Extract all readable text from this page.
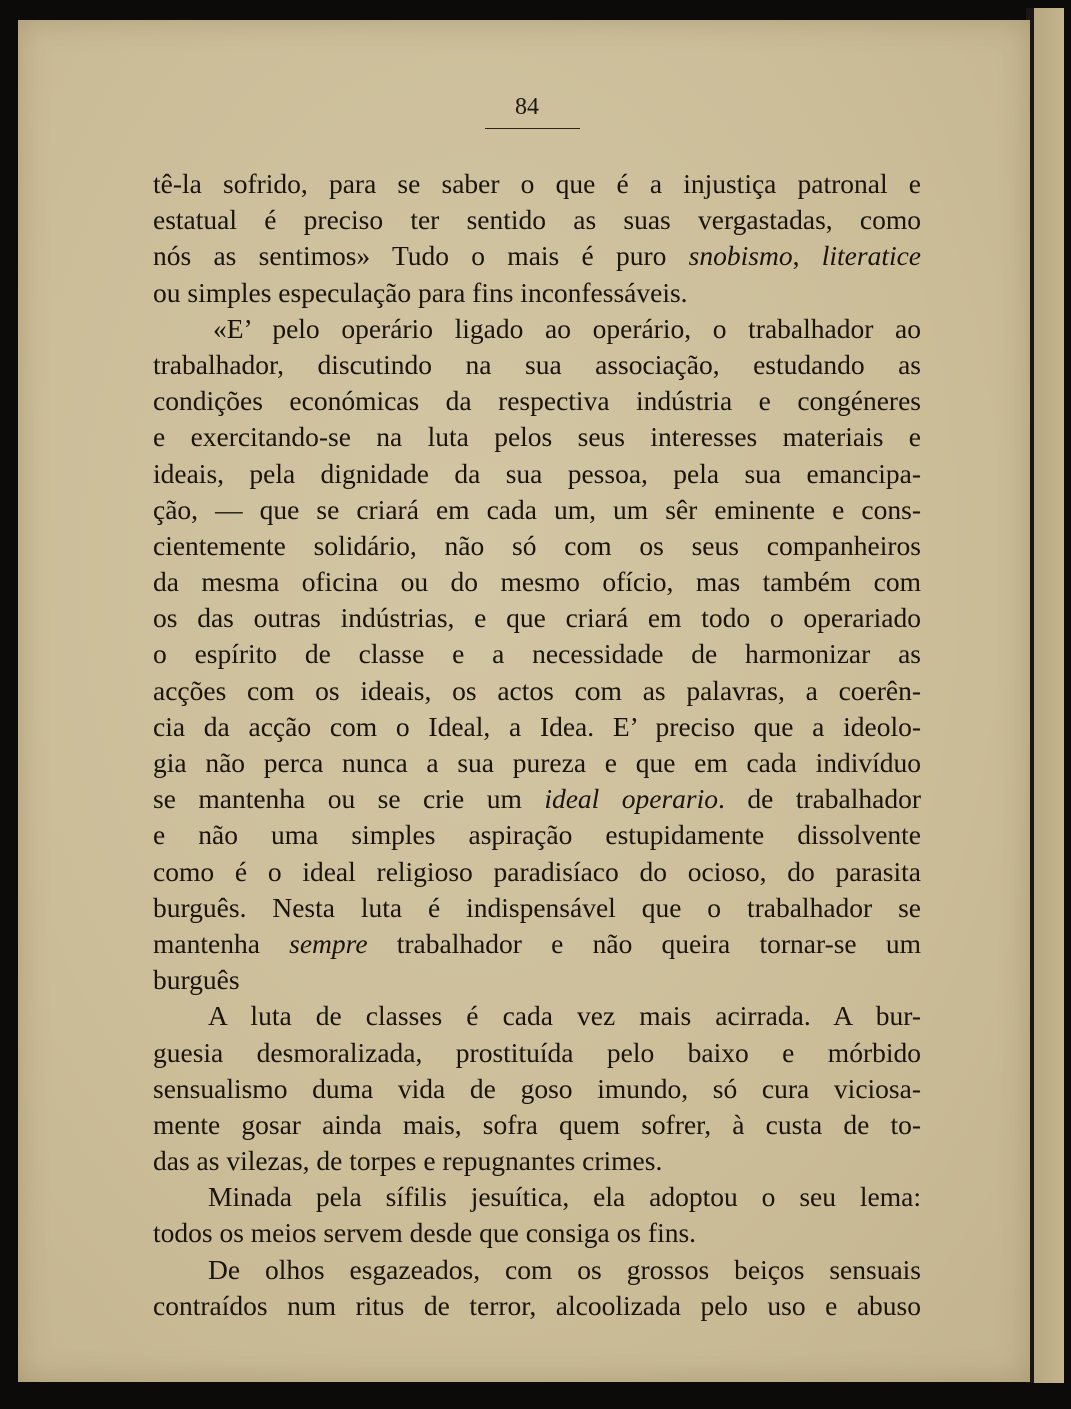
84
tê-la sofrido, para se saber o que é a injustiça patronal e
estatual é preciso ter sentido as suas vergastadas, como
nós as sentimos» Tudo o mais é puro snobismo, literatice
ou simples especulação para fins inconfessáveis.
«E’ pelo operário ligado ao operário, o trabalhador ao
trabalhador, discutindo na sua associação, estudando as
condições económicas da respectiva indústria e congéneres
e exercitando-se na luta pelos seus interesses materiais e
ideais, pela dignidade da sua pessoa, pela sua emancipa-
ção, — que se criará em cada um, um sêr eminente e cons-
cientemente solidário, não só com os seus companheiros
da mesma oficina ou do mesmo ofício, mas também com
os das outras indústrias, e que criará em todo o operariado
o espírito de classe e a necessidade de harmonizar as
acções com os ideais, os actos com as palavras, a coerên-
cia da acção com o Ideal, a Idea. E’ preciso que a ideolo-
gia não perca nunca a sua pureza e que em cada indivíduo
se mantenha ou se crie um ideal operario. de trabalhador
e não uma simples aspiração estupidamente dissolvente
como é o ideal religioso paradisíaco do ocioso, do parasita
burguês. Nesta luta é indispensável que o trabalhador se
mantenha sempre trabalhador e não queira tornar-se um
burguês
A luta de classes é cada vez mais acirrada. A bur-
guesia desmoralizada, prostituída pelo baixo e mórbido
sensualismo duma vida de goso imundo, só cura viciosa-
mente gosar ainda mais, sofra quem sofrer, à custa de to-
das as vilezas, de torpes e repugnantes crimes.
Minada pela sífilis jesuítica, ela adoptou o seu lema:
todos os meios servem desde que consiga os fins.
De olhos esgazeados, com os grossos beiços sensuais
contraídos num ritus de terror, alcoolizada pelo uso e abuso
